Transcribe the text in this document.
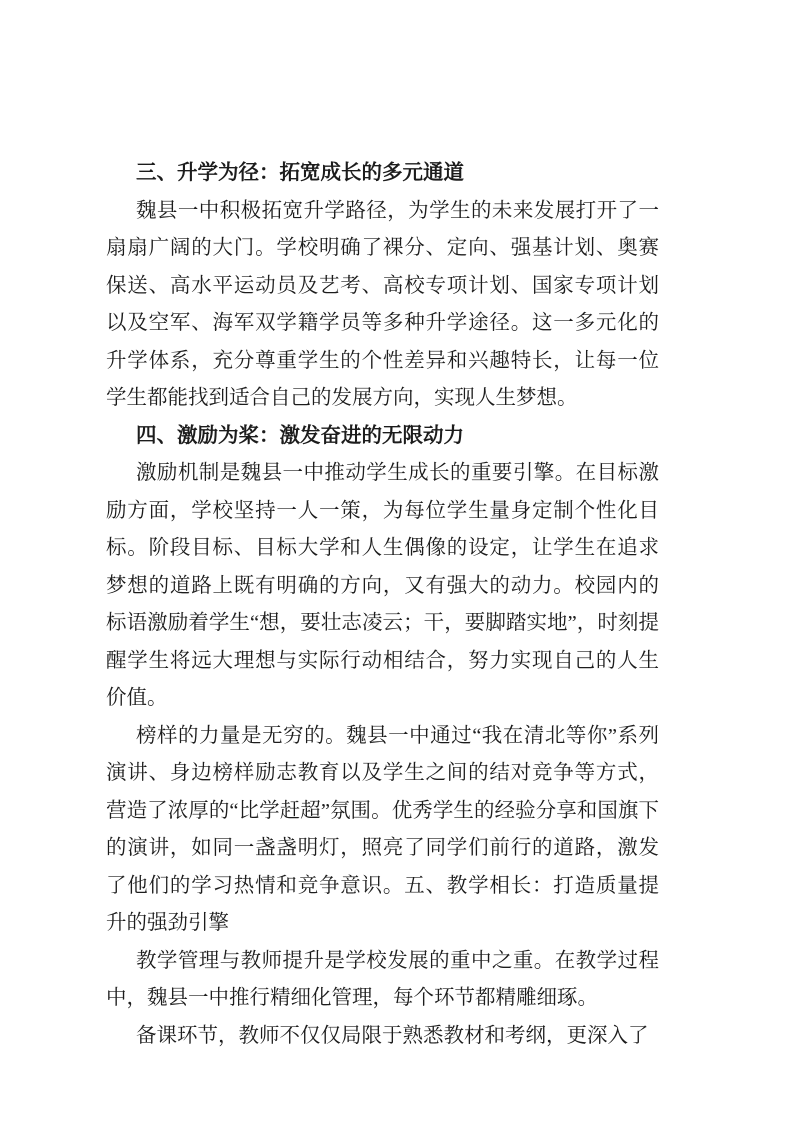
三、升学为径：拓宽成长的多元通道

魏县一中积极拓宽升学路径，为学生的未来发展打开了一扇扇广阔的大门。学校明确了裸分、定向、强基计划、奥赛保送、高水平运动员及艺考、高校专项计划、国家专项计划以及空军、海军双学籍学员等多种升学途径。这一多元化的升学体系，充分尊重学生的个性差异和兴趣特长，让每一位学生都能找到适合自己的发展方向，实现人生梦想。

四、激励为桨：激发奋进的无限动力

激励机制是魏县一中推动学生成长的重要引擎。在目标激励方面，学校坚持一人一策，为每位学生量身定制个性化目标。阶段目标、目标大学和人生偶像的设定，让学生在追求梦想的道路上既有明确的方向，又有强大的动力。校园内的标语激励着学生“想，要壮志凌云；干，要脚踏实地”，时刻提醒学生将远大理想与实际行动相结合，努力实现自己的人生价值。

榜样的力量是无穷的。魏县一中通过“我在清北等你”系列演讲、身边榜样励志教育以及学生之间的结对竞争等方式，营造了浓厚的“比学赶超”氛围。优秀学生的经验分享和国旗下的演讲，如同一盏盏明灯，照亮了同学们前行的道路，激发了他们的学习热情和竞争意识。五、教学相长：打造质量提升的强劲引擎

教学管理与教师提升是学校发展的重中之重。在教学过程中，魏县一中推行精细化管理，每个环节都精雕细琢。

备课环节，教师不仅仅局限于熟悉教材和考纲，更深入了
